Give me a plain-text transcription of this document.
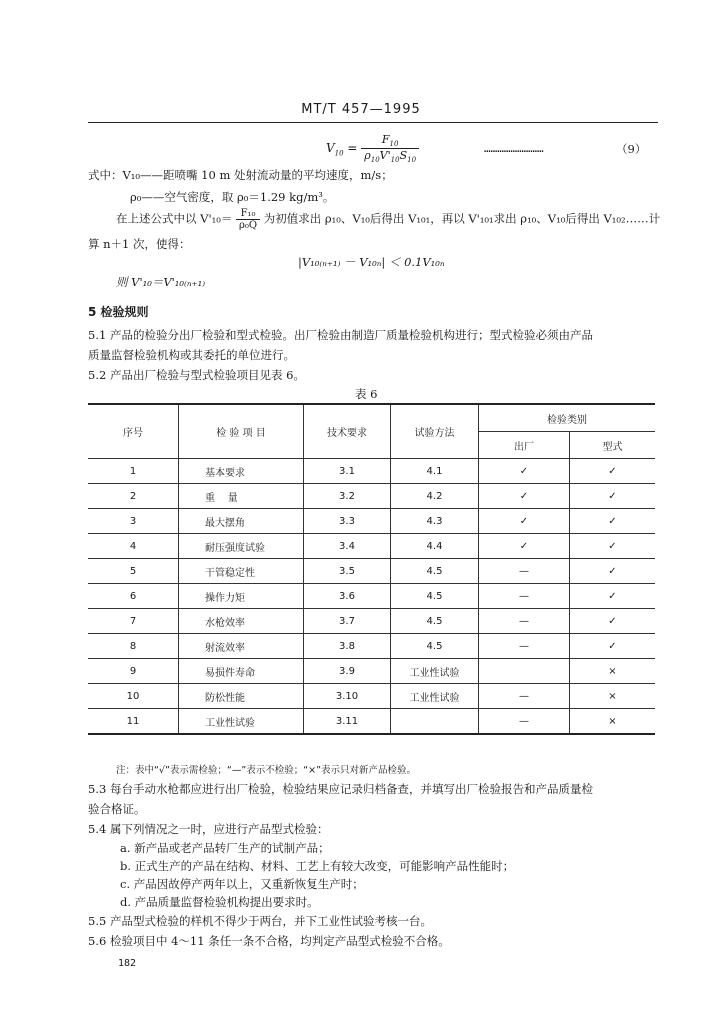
MT/T 457—1995
$V_{10} = \frac{F_{10}}{\rho_{10}V'_{10}S_{10}}$	………………………	（9）
式中：V₁₀——距喷嘴 10 m 处射流动量的平均速度，m/s；
ρ₀——空气密度，取 ρ₀＝1.29 kg/m³。
在上述公式中以 $V'_{10}= \frac{\text{F₁₀}}{\text{ρ₀Q}}$ 为初值求出 ρ₁₀、V₁₀后得出 V₁₀₁，再以 V'₁₀₁求出 ρ₁₀、V₁₀后得出 V₁₀₂……计
算 n＋1 次，使得：
|V₁₀₍ₙ₊₁₎ － V₁₀ₙ| ＜ 0.1V₁₀ₙ
则 V'₁₀＝V'₁₀₍ₙ₊₁₎
5 检验规则
5.1 产品的检验分出厂检验和型式检验。出厂检验由制造厂质量检验机构进行；型式检验必须由产品
质量监督检验机构或其委托的单位进行。
5.2 产品出厂检验与型式检验项目见表 6。
表 6
序号	检 验 项 目	技术要求	试验方法	检验类别	
				出厂	型式
1	基本要求	3.1	4.1	✓	✓
2	重    量	3.2	4.2	✓	✓
3	最大摆角	3.3	4.3	✓	✓
4	耐压强度试验	3.4	4.4	✓	✓
5	干管稳定性	3.5	4.5	—	✓
6	操作力矩	3.6	4.5	—	✓
7	水枪效率	3.7	4.5	—	✓
8	射流效率	3.8	4.5	—	✓
9	易损件寿命	3.9	工业性试验		×
10	防松性能	3.10	工业性试验	—	×
11	工业性试验	3.11		—	×
注：表中“√”表示需检验；“—”表示不检验；“×”表示只对新产品检验。
5.3 每台手动水枪都应进行出厂检验，检验结果应记录归档备查，并填写出厂检验报告和产品质量检
验合格证。
5.4 属下列情况之一时，应进行产品型式检验：
a. 新产品或老产品转厂生产的试制产品；
b. 正式生产的产品在结构、材料、工艺上有较大改变，可能影响产品性能时；
c. 产品因故停产两年以上，又重新恢复生产时；
d. 产品质量监督检验机构提出要求时。
5.5 产品型式检验的样机不得少于两台，并下工业性试验考核一台。
5.6 检验项目中 4～11 条任一条不合格，均判定产品型式检验不合格。
182
